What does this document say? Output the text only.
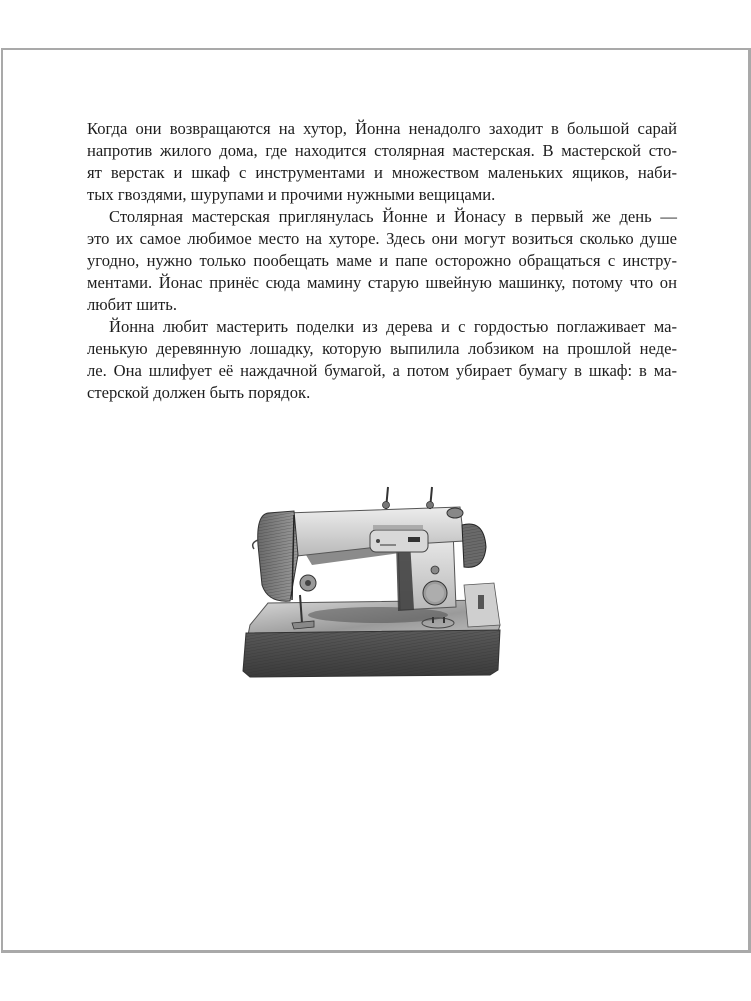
Когда они возвращаются на хутор, Йонна ненадолго заходит в большой сарай
напротив жилого дома, где находится столярная мастерская. В мастерской сто-
ят верстак и шкаф с инструментами и множеством маленьких ящиков, наби-
тых гвоздями, шурупами и прочими нужными вещицами.

Столярная мастерская приглянулась Йонне и Йонасу в первый же день —
это их самое любимое место на хуторе. Здесь они могут возиться сколько душе
угодно, нужно только пообещать маме и папе осторожно обращаться с инстру-
ментами. Йонас принёс сюда мамину старую швейную машинку, потому что он
любит шить.

Йонна любит мастерить поделки из дерева и с гордостью поглаживает ма-
ленькую деревянную лошадку, которую выпилила лобзиком на прошлой неде-
ле. Она шлифует её наждачной бумагой, а потом убирает бумагу в шкаф: в ма-
стерской должен быть порядок.
